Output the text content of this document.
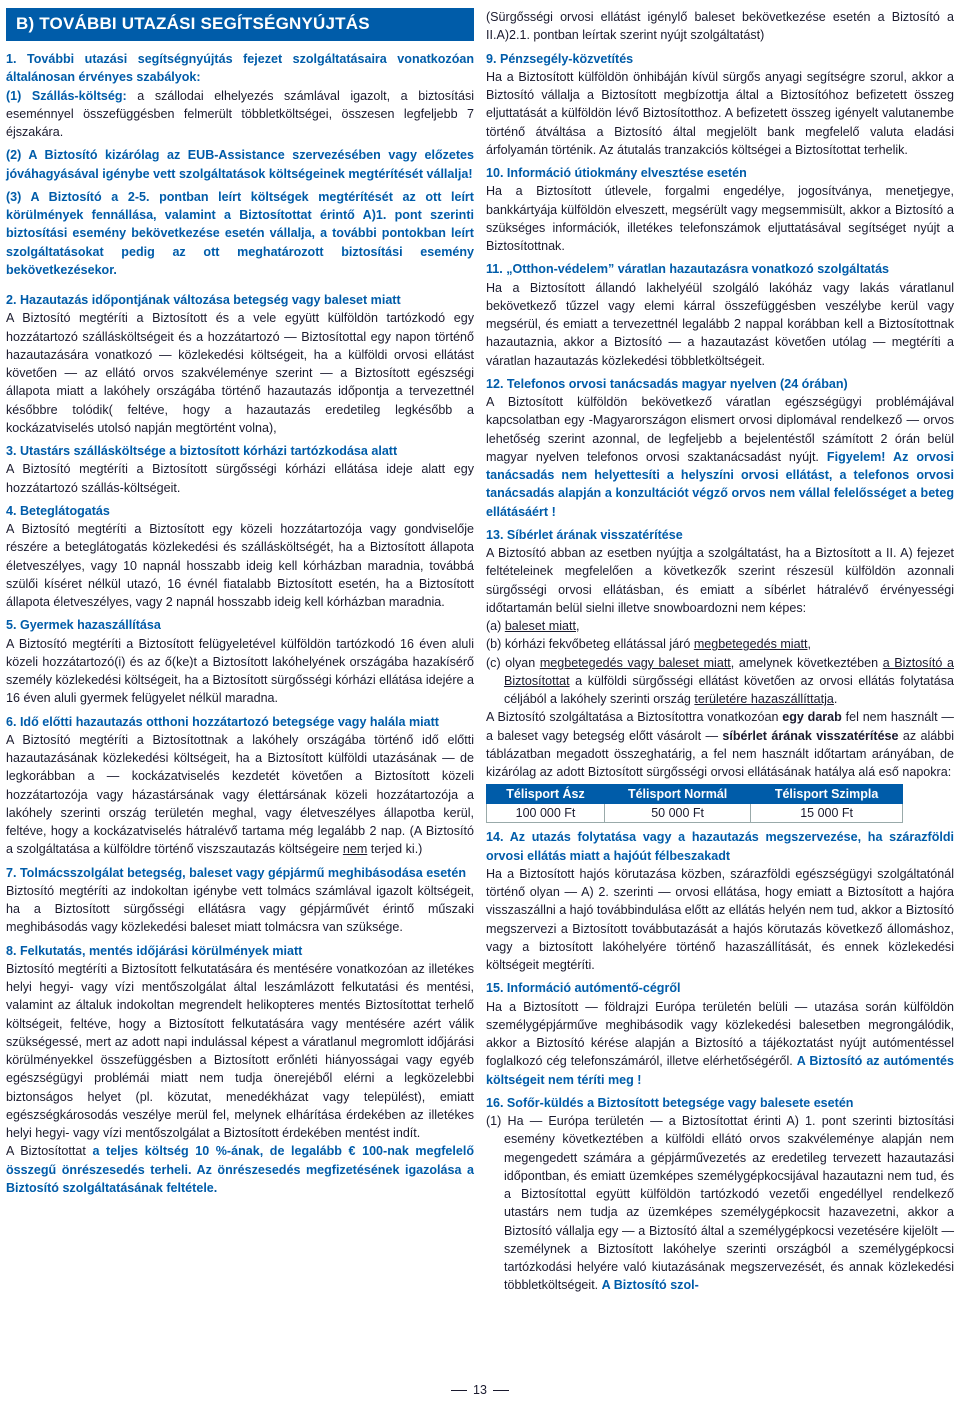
B) TOVÁBBI UTAZÁSI SEGÍTSÉGNYÚJTÁS

1. További utazási segítségnyújtás fejezet szolgáltatásaira vonatkozóan általánosan érvényes szabályok:

(1) Szállás-költség: a szállodai elhelyezés számlával igazolt, a biztosítási eseménnyel összefüggésben felmerült többletköltségei, összesen legfeljebb 7 éjszakára.

(2) A Biztosító kizárólag az EUB-Assistance szervezésében vagy előzetes jóváhagyásával igénybe vett szolgáltatások költségeinek megtérítését vállalja!

(3) A Biztosító a 2-5. pontban leírt költségek megtérítését az ott leírt körülmények fennállása, valamint a Biztosítottat érintő A)1. pont szerinti biztosítási esemény bekövetkezése esetén vállalja, a további pontokban leírt szolgáltatásokat pedig az ott meghatározott biztosítási esemény bekövetkezésekor.

2. Hazautazás időpontjának változása betegség vagy baleset miatt

A Biztosító megtéríti a Biztosított és a vele együtt külföldön tartózkodó egy hozzátartozó szállásköltségeit és a hozzátartozó — Biztosítottal egy napon történő hazautazására vonatkozó — közlekedési költségeit, ha a külföldi orvosi ellátást követően — az ellátó orvos szakvéleménye szerint — a Biztosított egészségi állapota miatt a lakóhely országába történő hazautazás időpontja a tervezettnél későbbre tolódik( feltéve, hogy a hazautazás eredetileg legkésőbb a kockázatviselés utolsó napján megtörtént volna),

3. Utastárs szállásköltsége a biztosított kórházi tartózkodása alatt

A Biztosító megtéríti a Biztosított sürgősségi kórházi ellátása ideje alatt egy hozzátartozó szállás-költségeit.

4. Beteglátogatás

A Biztosító megtéríti a Biztosított egy közeli hozzátartozója vagy gondviselője részére a beteglátogatás közlekedési és szállásköltségét, ha a Biztosított állapota életveszélyes, vagy 10 napnál hosszabb ideig kell kórházban maradnia, továbbá szülői kíséret nélkül utazó, 16 évnél fiatalabb Biztosított esetén, ha a Biztosított állapota életveszélyes, vagy 2 napnál hosszabb ideig kell kórházban maradnia.

5. Gyermek hazaszállítása

A Biztosító megtéríti a Biztosított felügyeletével külföldön tartózkodó 16 éven aluli közeli hozzátartozó(i) és az ő(ke)t a Biztosított lakóhelyének országába hazakísérő személy közlekedési költségeit, ha a Biztosított sürgősségi kórházi ellátása idejére a 16 éven aluli gyermek felügyelet nélkül maradna.

6. Idő előtti hazautazás otthoni hozzátartozó betegsége vagy halála miatt

A Biztosító megtéríti a Biztosítottnak a lakóhely országába történő idő előtti hazautazásának közlekedési költségeit, ha a Biztosított külföldi utazásának — de legkorábban a — kockázatviselés kezdetét követően a Biztosított közeli hozzátartozója vagy házastársának vagy élettársának közeli hozzátartozója a lakóhely szerinti ország területén meghal, vagy életveszélyes állapotba kerül, feltéve, hogy a kockázatviselés hátralévő tartama még legalább 2 nap. (A Biztosító a szolgáltatása a külföldre történő viszszautazás költségeire nem terjed ki.)

7. Tolmácsszolgálat betegség, baleset vagy gépjármű meghibásodása esetén

Biztosító megtéríti az indokoltan igénybe vett tolmács számlával igazolt költségeit, ha a Biztosított sürgősségi ellátásra vagy gépjárművét érintő műszaki meghibásodás vagy közlekedési baleset miatt tolmácsra van szüksége.

8. Felkutatás, mentés időjárási körülmények miatt

Biztosító megtéríti a Biztosított felkutatására és mentésére vonatkozóan az illetékes helyi hegyi- vagy vízi mentőszolgálat által leszámlázott felkutatási és mentési, valamint az általuk indokoltan megrendelt helikopteres mentés Biztosítottat terhelő költségeit, feltéve, hogy a Biztosított felkutatására vagy mentésére azért válik szükségessé, mert az adott napi indulással képest a váratlanul megromlott időjárási körülményekkel összefüggésben a Biztosított erőnléti hiányosságai vagy egyéb egészségügyi problémái miatt nem tudja önerejéből elérni a legközelebbi biztonságos helyet (pl. közutat, menedékházat vagy települést), emiatt egészségkárosodás veszélye merül fel, melynek elhárítása érdekében az illetékes helyi hegyi- vagy vízi mentőszolgálat a Biztosított érdekében mentést indít.

A Biztosítottat a teljes költség 10 %-ának, de legalább € 100-nak megfelelő összegű önrészesedés terheli. Az önrészesedés megfizetésének igazolása a Biztosító szolgáltatásának feltétele.

(Sürgősségi orvosi ellátást igénylő baleset bekövetkezése esetén a Biztosító a II.A)2.1. pontban leírtak szerint nyújt szolgáltatást)

9. Pénzsegély-közvetítés

Ha a Biztosított külföldön önhibáján kívül sürgős anyagi segítségre szorul, akkor a Biztosító vállalja a Biztosított megbízottja által a Biztosítóhoz befizetett összeg eljuttatását a külföldön lévő Biztosítotthoz. A befizetett összeg igényelt valutanembe történő átváltása a Biztosító által megjelölt bank megfelelő valuta eladási árfolyamán történik. Az átutalás tranzakciós költségei a Biztosítottat terhelik.

10. Információ útiokmány elvesztése esetén

Ha a Biztosított útlevele, forgalmi engedélye, jogosítványa, menetjegye, bankkártyája külföldön elveszett, megsérült vagy megsemmisült, akkor a Biztosító a szükséges információk, illetékes telefonszámok eljuttatásával segítséget nyújt a Biztosítottnak.

11. „Otthon-védelem” váratlan hazautazásra vonatkozó szolgáltatás

Ha a Biztosított állandó lakhelyéül szolgáló lakóház vagy lakás váratlanul bekövetkező tűzzel vagy elemi kárral összefüggésben veszélybe kerül vagy megsérül, és emiatt a tervezettnél legalább 2 nappal korábban kell a Biztosítottnak hazautaznia, akkor a Biztosító — a hazautazást követően utólag — megtéríti a váratlan hazautazás közlekedési többletköltségeit.

12. Telefonos orvosi tanácsadás magyar nyelven (24 órában)

A Biztosított külföldön bekövetkező váratlan egészségügyi problémájával kapcsolatban egy -Magyarországon elismert orvosi diplomával rendelkező — orvos lehetőség szerint azonnal, de legfeljebb a bejelentéstől számított 2 órán belül magyar nyelven telefonos orvosi szaktanácsadást nyújt. Figyelem! Az orvosi tanácsadás nem helyettesíti a helyszíni orvosi ellátást, a telefonos orvosi tanácsadás alapján a konzultációt végző orvos nem vállal felelősséget a beteg ellátásáért !

13. Síbérlet árának visszatérítése

A Biztosító abban az esetben nyújtja a szolgáltatást, ha a Biztosított a II. A) fejezet feltételeinek megfelelően a következők szerint részesül külföldön azonnali sürgősségi orvosi ellátásban, és emiatt a síbérlet hátralévő érvényességi időtartamán belül sielni illetve snowboardozni nem képes:

(a) baleset miatt,

(b) kórházi fekvőbeteg ellátással járó megbetegedés miatt,

(c) olyan megbetegedés vagy baleset miatt, amelynek következtében a Biztosító a Biztosítottat a külföldi sürgősségi ellátást követően az orvosi ellátás folytatása céljából a lakóhely szerinti ország területére hazaszállíttatja.

A Biztosító szolgáltatása a Biztosítottra vonatkozóan egy darab fel nem használt — a baleset vagy betegség előtt vásárolt — síbérlet árának visszatérítése az alábbi táblázatban megadott összeghatárig, a fel nem használt időtartam arányában, de kizárólag az adott Biztosított sürgősségi orvosi ellátásának hatálya alá eső napokra:

Télisport Ász	Télisport Normál	Télisport Szimpla
100 000 Ft	50 000 Ft	15 000 Ft

14. Az utazás folytatása vagy a hazautazás megszervezése, ha szárazföldi orvosi ellátás miatt a hajóút félbeszakadt

Ha a Biztosított hajós körutazása közben, szárazföldi egészségügyi szolgáltatónál történő olyan — A) 2. szerinti — orvosi ellátása, hogy emiatt a Biztosított a hajóra visszaszállni a hajó továbbindulása előtt az ellátás helyén nem tud, akkor a Biztosító megszervezi a Biztosított továbbutazását a hajós körutazás következő állomáshoz, vagy a biztosított lakóhelyére történő hazaszállítását, és ennek közlekedési költségeit megtéríti.

15. Információ autómentő-cégről

Ha a Biztosított — földrajzi Európa területén belüli — utazása során külföldön személygépjárműve meghibásodik vagy közlekedési balesetben megrongálódik, akkor a Biztosító kérése alapján a Biztosító a tájékoztatást nyújt autómentéssel foglalkozó cég telefonszámáról, illetve elérhetőségéről. A Biztosító az autómentés költségeit nem téríti meg !

16. Sofőr-küldés a Biztosított betegsége vagy balesete esetén

(1) Ha — Európa területén — a Biztosítottat érinti A) 1. pont szerinti biztosítási esemény következtében a külföldi ellátó orvos szakvéleménye alapján nem megengedett számára a gépjárművezetés az eredetileg tervezett hazautazási időpontban, és emiatt üzemképes személygépkocsijával hazautazni nem tud, és a Biztosítottal együtt külföldön tartózkodó vezetői engedéllyel rendelkező utastárs nem tudja az üzemképes személygépkocsit hazavezetni, akkor a Biztosító vállalja egy — a Biztosító által a személygépkocsi vezetésére kijelölt — személynek a Biztosított lakóhelye szerinti országból a személygépkocsi tartózkodási helyére való kiutazásának megszervezését, és annak közlekedési többletköltségeit. A Biztosító szol-

13
